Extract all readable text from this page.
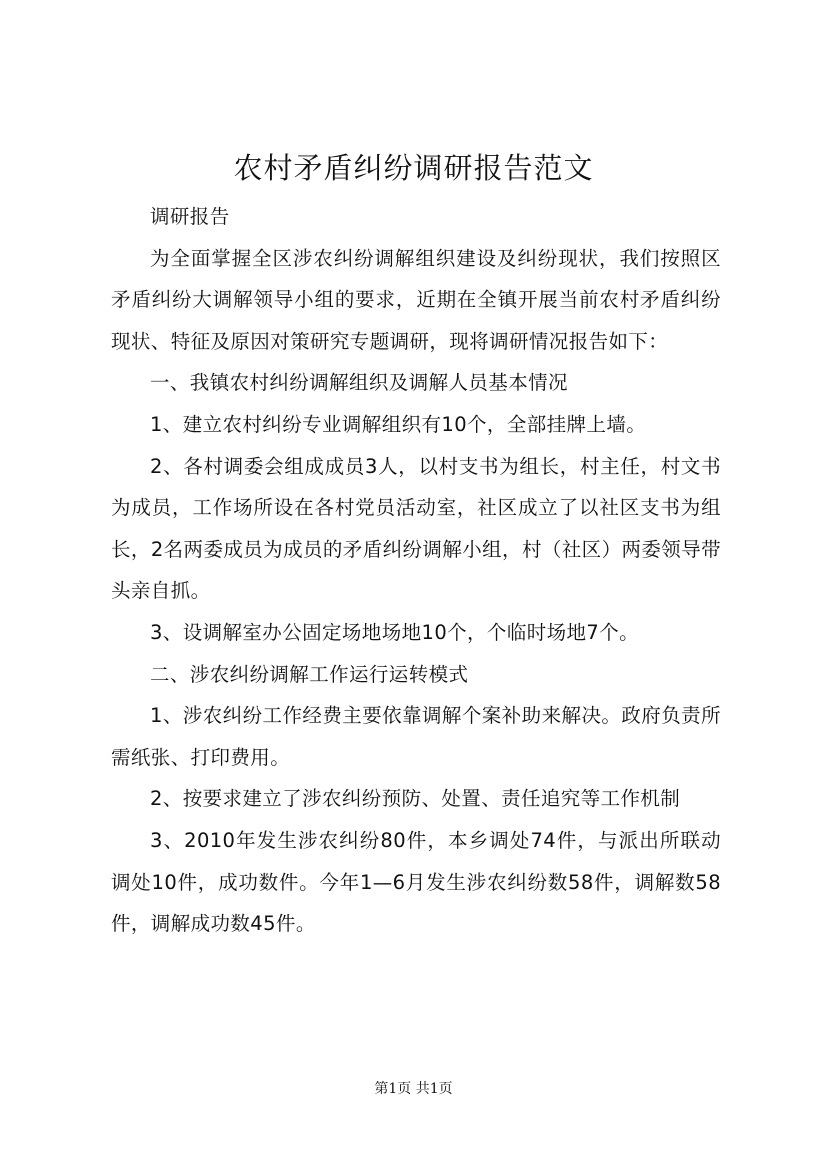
农村矛盾纠纷调研报告范文

调研报告

为全面掌握全区涉农纠纷调解组织建设及纠纷现状，我们按照区矛盾纠纷大调解领导小组的要求，近期在全镇开展当前农村矛盾纠纷现状、特征及原因对策研究专题调研，现将调研情况报告如下：

一、我镇农村纠纷调解组织及调解人员基本情况

1、建立农村纠纷专业调解组织有10个，全部挂牌上墙。

2、各村调委会组成成员3人，以村支书为组长，村主任，村文书为成员，工作场所设在各村党员活动室，社区成立了以社区支书为组长，2名两委成员为成员的矛盾纠纷调解小组，村（社区）两委领导带头亲自抓。

3、设调解室办公固定场地场地10个，个临时场地7个。

二、涉农纠纷调解工作运行运转模式

1、涉农纠纷工作经费主要依靠调解个案补助来解决。政府负责所需纸张、打印费用。

2、按要求建立了涉农纠纷预防、处置、责任追究等工作机制

3、2010年发生涉农纠纷80件，本乡调处74件，与派出所联动调处10件，成功数件。今年1—6月发生涉农纠纷数58件，调解数58件，调解成功数45件。

第1页 共1页
